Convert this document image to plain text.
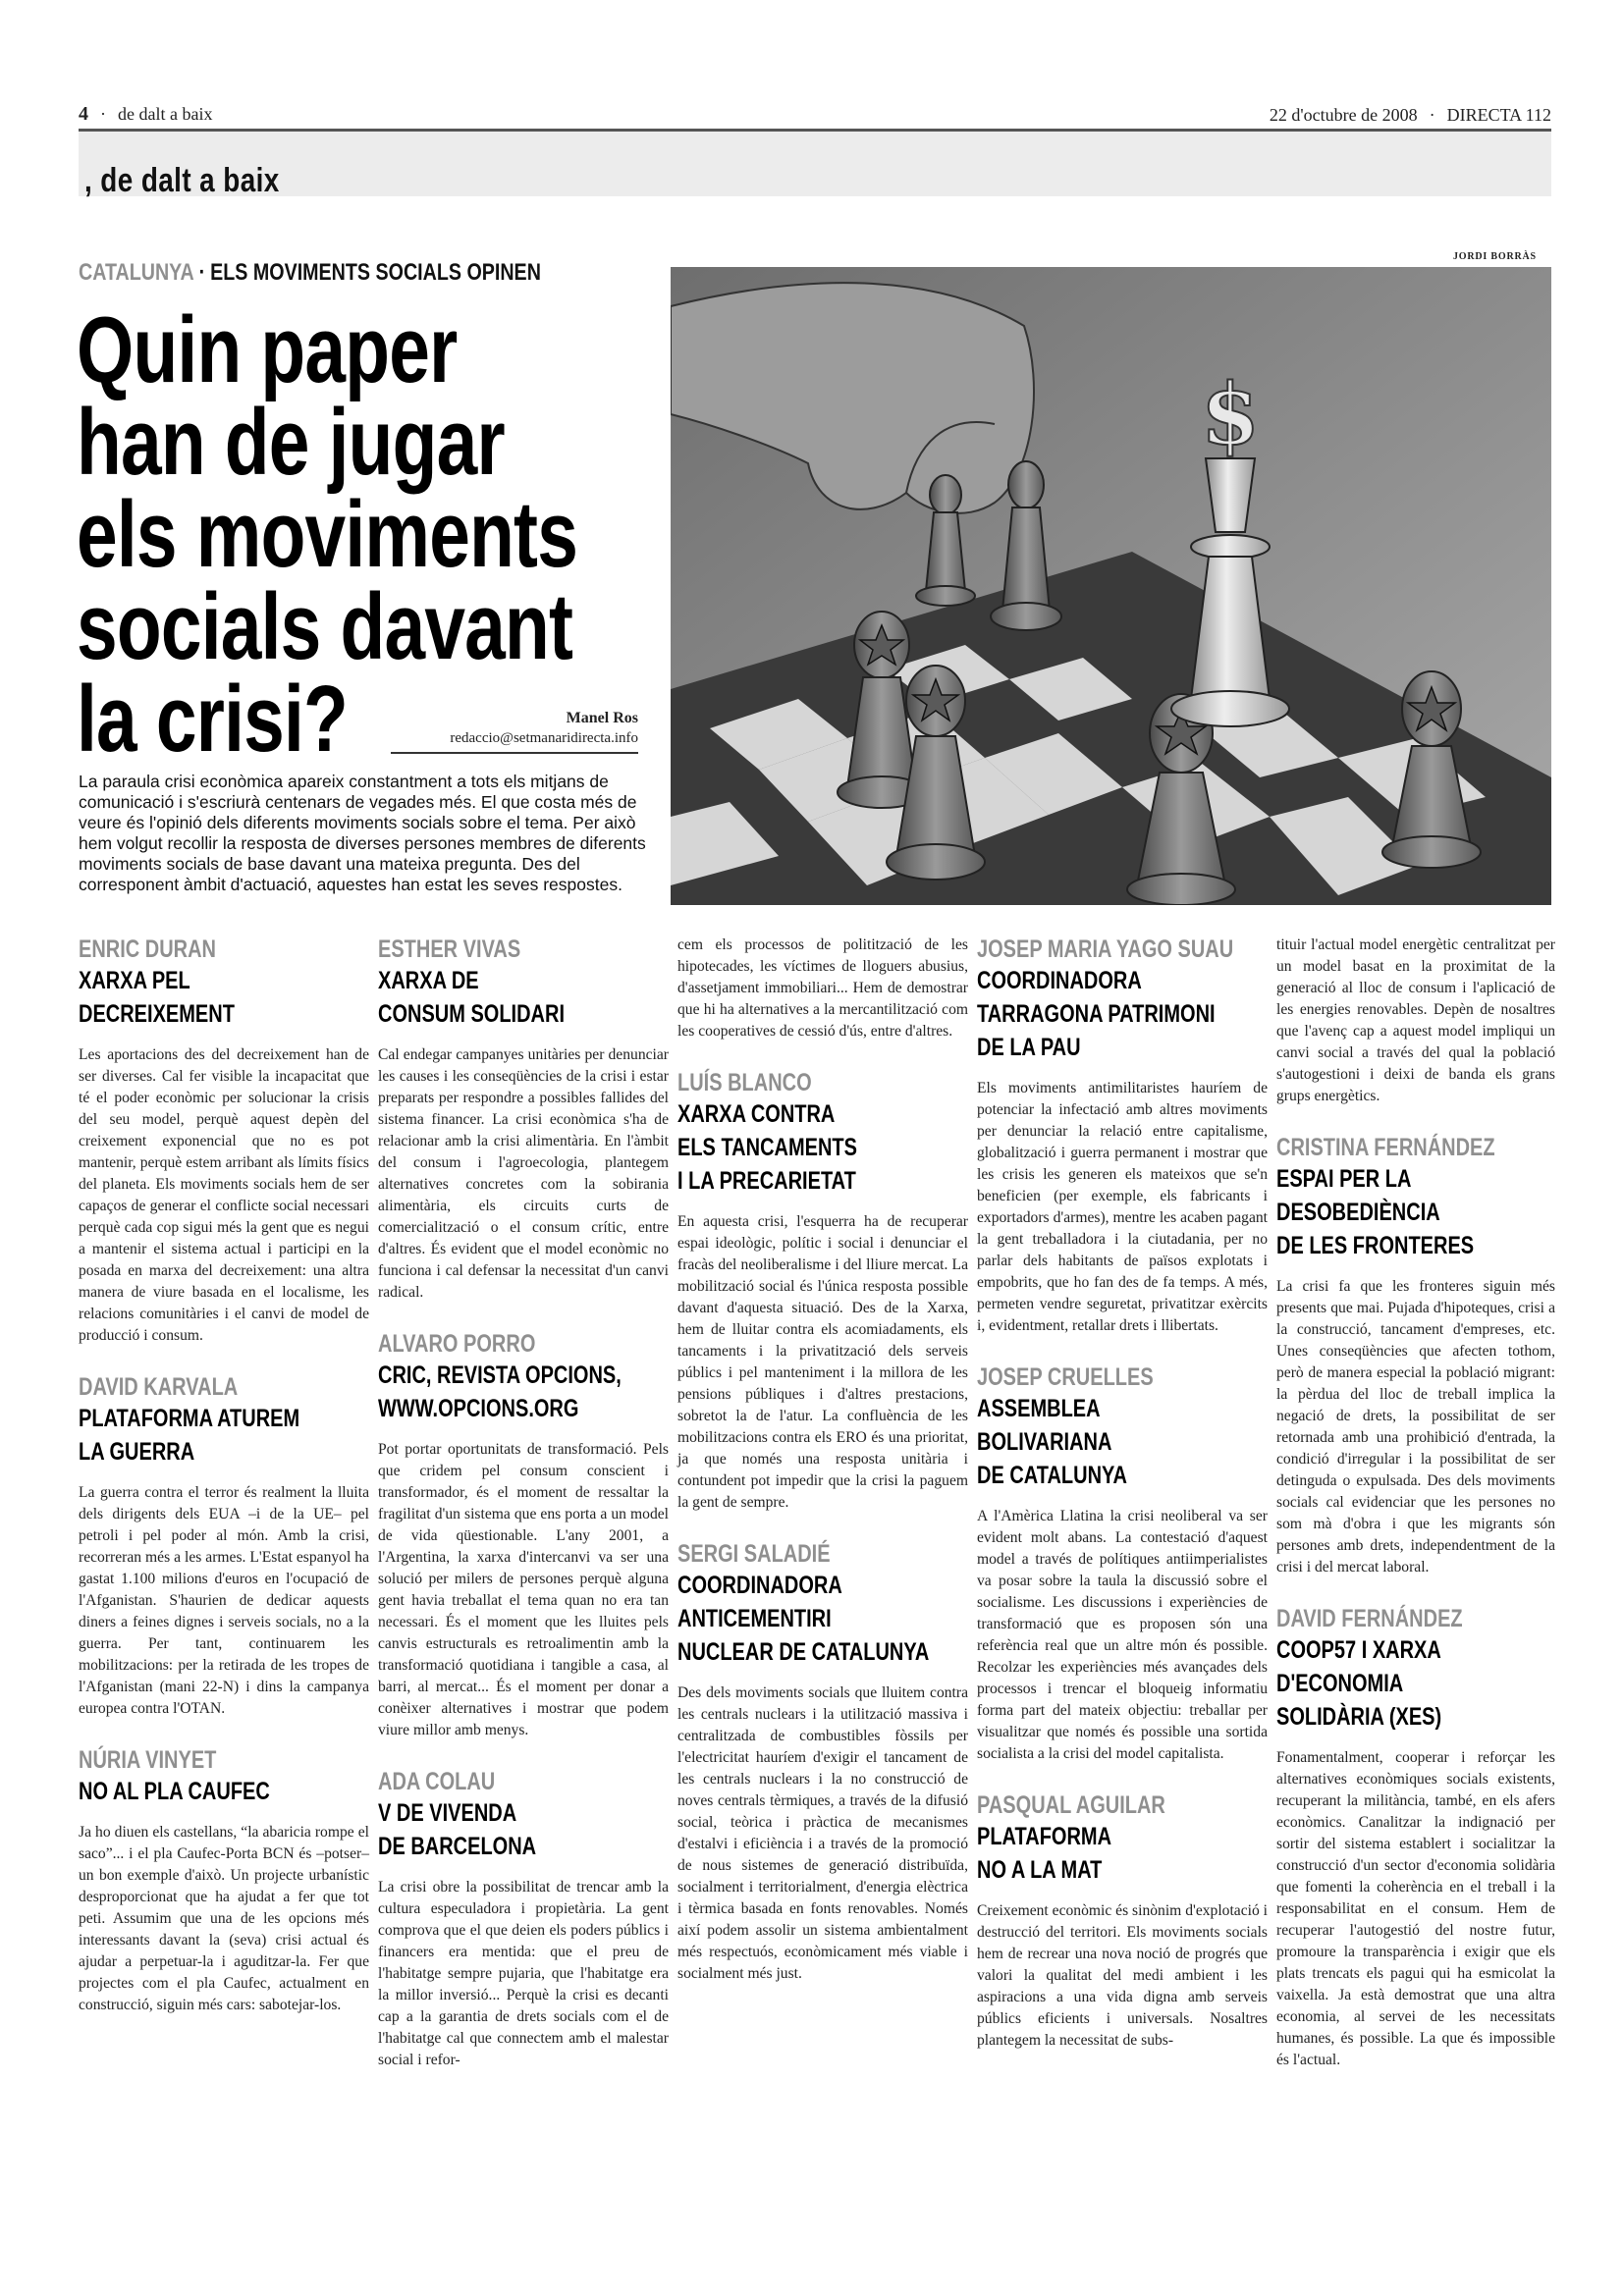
4 · de dalt a baix	22 d'octubre de 2008 · DIRECTA 112
, de dalt a baix
CATALUNYA · ELS MOVIMENTS SOCIALS OPINEN
Quin paper
han de jugar
els moviments
socials davant
la crisi?	Manel Ros
redaccio@setmanaridirecta.info
La paraula crisi econòmica apareix constantment a tots els mitjans de comunicació i s'escriurà centenars de vegades més. El que costa més de veure és l'opinió dels diferents moviments socials sobre el tema. Per això hem volgut recollir la resposta de diverses persones membres de diferents moviments socials de base davant una mateixa pregunta. Des del corresponent àmbit d'actuació, aquestes han estat les seves respostes.
JORDI BORRÀS
$
ENRIC DURAN
XARXA PEL
DECREIXEMENT
Les aportacions des del decreixement han de ser diverses. Cal fer visible la incapacitat que té el poder econòmic per solucionar la crisis del seu model, perquè aquest depèn del creixement exponencial que no es pot mantenir, perquè estem arribant als límits físics del planeta. Els moviments socials hem de ser capaços de generar el conflicte social necessari perquè cada cop sigui més la gent que es negui a mantenir el sistema actual i participi en la posada en marxa del decreixement: una altra manera de viure basada en el localisme, les relacions comunitàries i el canvi de model de producció i consum.
DAVID KARVALA
PLATAFORMA ATUREM
LA GUERRA
La guerra contra el terror és realment la lluita dels dirigents dels EUA –i de la UE– pel petroli i pel poder al món. Amb la crisi, recorreran més a les armes. L'Estat espanyol ha gastat 1.100 milions d'euros en l'ocupació de l'Afganistan. S'haurien de dedicar aquests diners a feines dignes i serveis socials, no a la guerra. Per tant, continuarem les mobilitzacions: per la retirada de les tropes de l'Afganistan (mani 22-N) i dins la campanya europea contra l'OTAN.
NÚRIA VINYET
NO AL PLA CAUFEC
Ja ho diuen els castellans, “la abaricia rompe el saco”... i el pla Caufec-Porta BCN és –potser– un bon exemple d'això. Un projecte urbanístic desproporcionat que ha ajudat a fer que tot peti. Assumim que una de les opcions més interessants davant la (seva) crisi actual és ajudar a perpetuar-la i aguditzar-la. Fer que projectes com el pla Caufec, actualment en construcció, siguin més cars: sabotejar-los.
ESTHER VIVAS
XARXA DE
CONSUM SOLIDARI
Cal endegar campanyes unitàries per denunciar les causes i les conseqüències de la crisi i estar preparats per respondre a possibles fallides del sistema financer. La crisi econòmica s'ha de relacionar amb la crisi alimentària. En l'àmbit del consum i l'agroecologia, plantegem alternatives concretes com la sobirania alimentària, els circuits curts de comercialització o el consum crític, entre d'altres. És evident que el model econòmic no funciona i cal defensar la necessitat d'un canvi radical.
ALVARO PORRO
CRIC, REVISTA OPCIONS,
WWW.OPCIONS.ORG
Pot portar oportunitats de transformació. Pels que cridem pel consum conscient i transformador, és el moment de ressaltar la fragilitat d'un sistema que ens porta a un model de vida qüestionable. L'any 2001, a l'Argentina, la xarxa d'intercanvi va ser una solució per milers de persones perquè alguna gent havia treballat el tema quan no era tan necessari. És el moment que les lluites pels canvis estructurals es retroalimentin amb la transformació quotidiana i tangible a casa, al barri, al mercat... És el moment per donar a conèixer alternatives i mostrar que podem viure millor amb menys.
ADA COLAU
V DE VIVENDA
DE BARCELONA
La crisi obre la possibilitat de trencar amb la cultura especuladora i propietària. La gent comprova que el que deien els poders públics i financers era mentida: que el preu de l'habitatge sempre pujaria, que l'habitatge era la millor inversió... Perquè la crisi es decanti cap a la garantia de drets socials com el de l'habitatge cal que connectem amb el malestar social i refor-
cem els processos de politització de les hipotecades, les víctimes de lloguers abusius, d'assetjament immobiliari... Hem de demostrar que hi ha alternatives a la mercantilització com les cooperatives de cessió d'ús, entre d'altres.
LUÍS BLANCO
XARXA CONTRA
ELS TANCAMENTS
I LA PRECARIETAT
En aquesta crisi, l'esquerra ha de recuperar espai ideològic, polític i social i denunciar el fracàs del neoliberalisme i del lliure mercat. La mobilització social és l'única resposta possible davant d'aquesta situació. Des de la Xarxa, hem de lluitar contra els acomiadaments, els tancaments i la privatització dels serveis públics i pel manteniment i la millora de les pensions públiques i d'altres prestacions, sobretot la de l'atur. La confluència de les mobilitzacions contra els ERO és una prioritat, ja que només una resposta unitària i contundent pot impedir que la crisi la paguem la gent de sempre.
SERGI SALADIÉ
COORDINADORA
ANTICEMENTIRI
NUCLEAR DE CATALUNYA
Des dels moviments socials que lluitem contra les centrals nuclears i la utilització massiva i centralitzada de combustibles fòssils per l'electricitat hauríem d'exigir el tancament de les centrals nuclears i la no construcció de noves centrals tèrmiques, a través de la difusió social, teòrica i pràctica de mecanismes d'estalvi i eficiència i a través de la promoció de nous sistemes de generació distribuïda, socialment i territorialment, d'energia elèctrica i tèrmica basada en fonts renovables. Només així podem assolir un sistema ambientalment més respectuós, econòmicament més viable i socialment més just.
JOSEP MARIA YAGO SUAU
COORDINADORA
TARRAGONA PATRIMONI
DE LA PAU
Els moviments antimilitaristes hauríem de potenciar la infectació amb altres moviments per denunciar la relació entre capitalisme, globalització i guerra permanent i mostrar que les crisis les generen els mateixos que se'n beneficien (per exemple, els fabricants i exportadors d'armes), mentre les acaben pagant la gent treballadora i la ciutadania, per no parlar dels habitants de països explotats i empobrits, que ho fan des de fa temps. A més, permeten vendre seguretat, privatitzar exèrcits i, evidentment, retallar drets i llibertats.
JOSEP CRUELLES
ASSEMBLEA
BOLIVARIANA
DE CATALUNYA
A l'Amèrica Llatina la crisi neoliberal va ser evident molt abans. La contestació d'aquest model a través de polítiques antiimperialistes va posar sobre la taula la discussió sobre el socialisme. Les discussions i experiències de transformació que es proposen són una referència real que un altre món és possible. Recolzar les experiències més avançades dels processos i trencar el bloqueig informatiu forma part del mateix objectiu: treballar per visualitzar que només és possible una sortida socialista a la crisi del model capitalista.
PASQUAL AGUILAR
PLATAFORMA
NO A LA MAT
Creixement econòmic és sinònim d'explotació i destrucció del territori. Els moviments socials hem de recrear una nova noció de progrés que valori la qualitat del medi ambient i les aspiracions a una vida digna amb serveis públics eficients i universals. Nosaltres plantegem la necessitat de subs-
tituir l'actual model energètic centralitzat per un model basat en la proximitat de la generació al lloc de consum i l'aplicació de les energies renovables. Depèn de nosaltres que l'avenç cap a aquest model impliqui un canvi social a través del qual la població s'autogestioni i deixi de banda els grans grups energètics.
CRISTINA FERNÁNDEZ
ESPAI PER LA
DESOBEDIÈNCIA
DE LES FRONTERES
La crisi fa que les fronteres siguin més presents que mai. Pujada d'hipoteques, crisi a la construcció, tancament d'empreses, etc. Unes conseqüències que afecten tothom, però de manera especial la població migrant: la pèrdua del lloc de treball implica la negació de drets, la possibilitat de ser retornada amb una prohibició d'entrada, la condició d'irregular i la possibilitat de ser detinguda o expulsada. Des dels moviments socials cal evidenciar que les persones no som mà d'obra i que les migrants són persones amb drets, independentment de la crisi i del mercat laboral.
DAVID FERNÁNDEZ
COOP57 I XARXA
D'ECONOMIA
SOLIDÀRIA (XES)
Fonamentalment, cooperar i reforçar les alternatives econòmiques socials existents, recuperant la militància, també, en els afers econòmics. Canalitzar la indignació per sortir del sistema establert i socialitzar la construcció d'un sector d'economia solidària que fomenti la coherència en el treball i la responsabilitat en el consum. Hem de recuperar l'autogestió del nostre futur, promoure la transparència i exigir que els plats trencats els pagui qui ha esmicolat la vaixella. Ja està demostrat que una altra economia, al servei de les necessitats humanes, és possible. La que és impossible és l'actual.
